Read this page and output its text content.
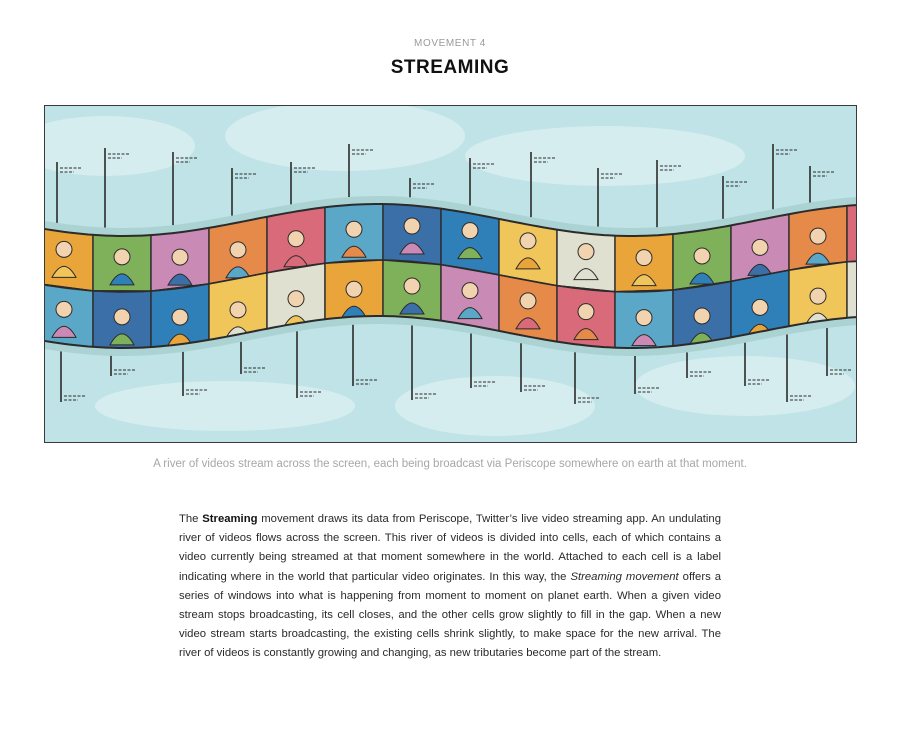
MOVEMENT 4
STREAMING
A river of videos stream across the screen, each being broadcast via Periscope somewhere on earth at that moment.
The Streaming movement draws its data from Periscope, Twitter’s live video streaming app. An undulating river of videos flows across the screen. This river of videos is divided into cells, each of which contains a video currently being streamed at that moment somewhere in the world. Attached to each cell is a label indicating where in the world that particular video originates. In this way, the Streaming movement offers a series of windows into what is happening from moment to moment on planet earth. When a given video stream stops broadcasting, its cell closes, and the other cells grow slightly to fill in the gap. When a new video stream starts broadcasting, the existing cells shrink slightly, to make space for the new arrival. The river of videos is constantly growing and changing, as new tributaries become part of the stream.
